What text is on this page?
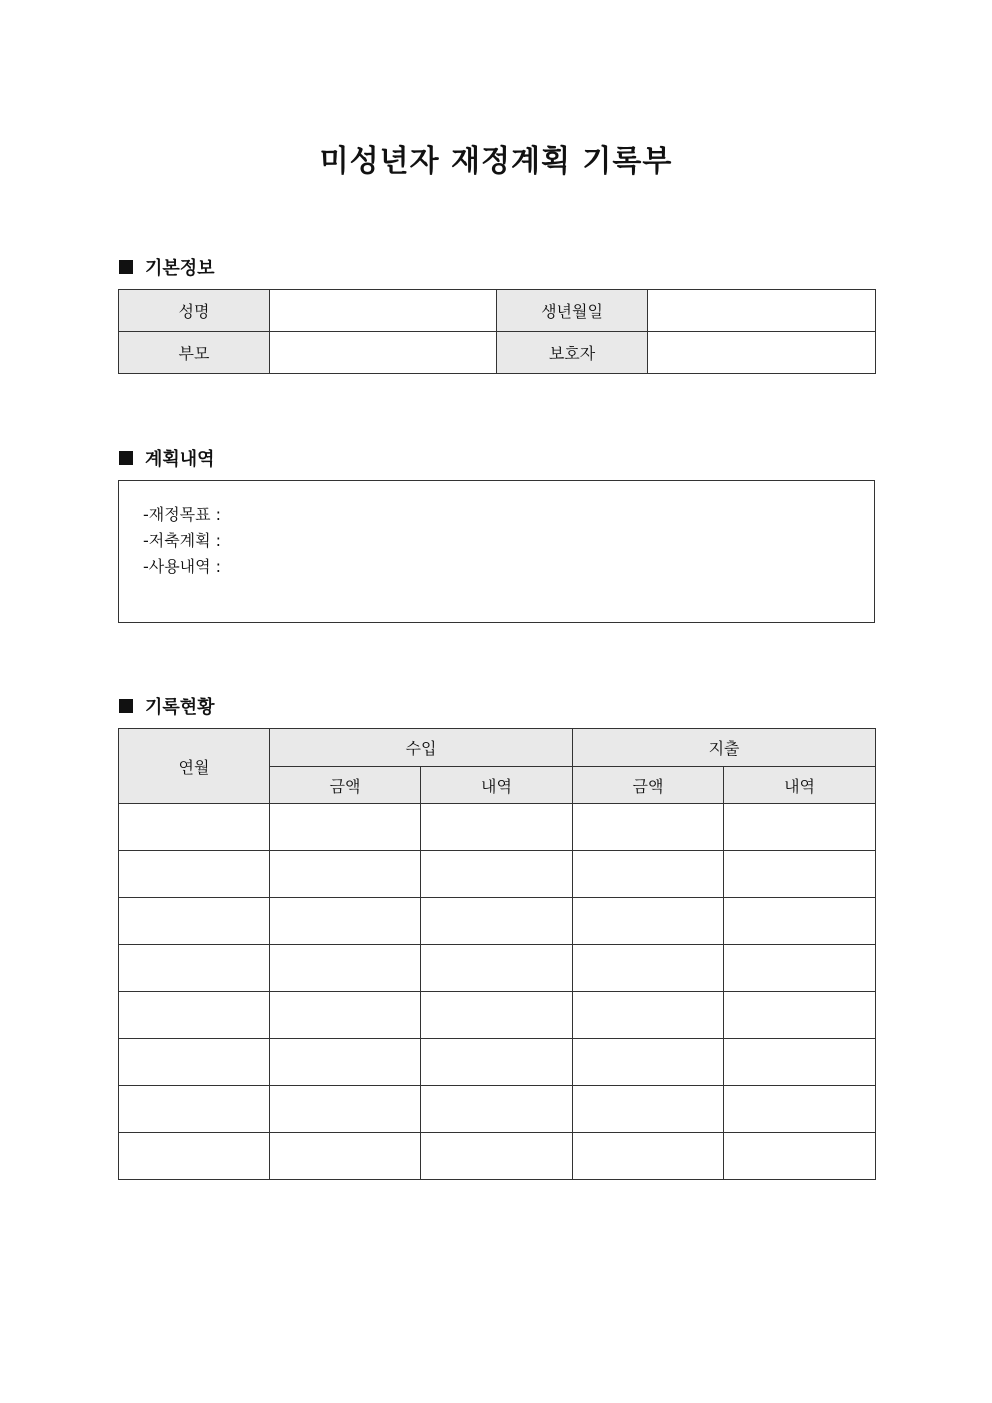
미성년자 재정계획 기록부
기본정보
성명		생년월일	
부모		보호자	
계획내역
-재정목표 :
-저축계획 :
-사용내역 :
기록현황
연월	수입		지출	
	금액	내역	금액	내역
